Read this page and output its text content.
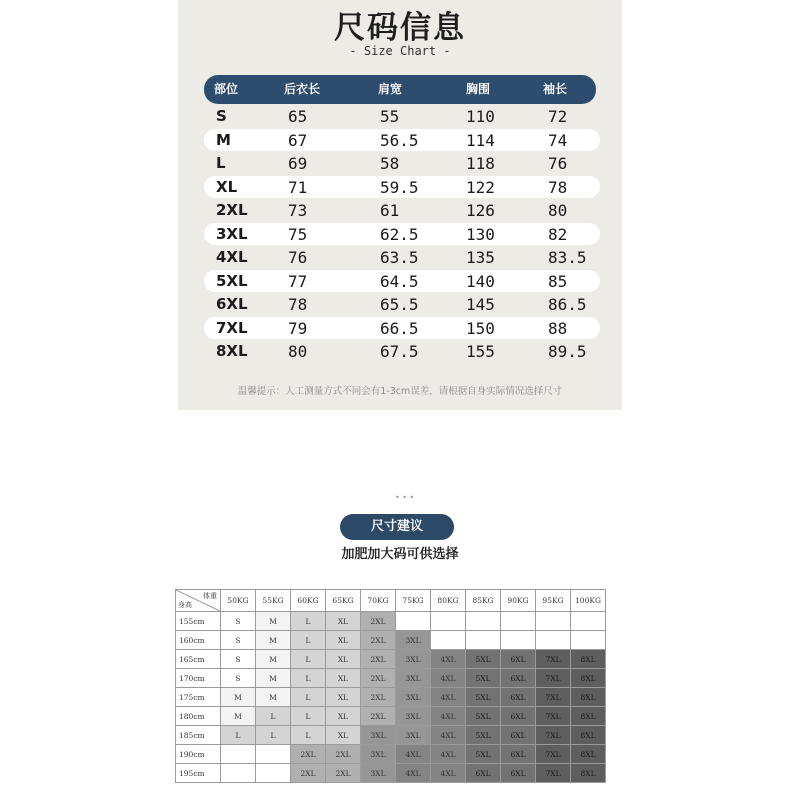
尺码信息
- Size Chart -
部位	后衣长	肩宽	胸围	袖长
S	65	55	110	72
M	67	56.5	114	74
L	69	58	118	76
XL	71	59.5	122	78
2XL	73	61	126	80
3XL	75	62.5	130	82
4XL	76	63.5	135	83.5
5XL	77	64.5	140	85
6XL	78	65.5	145	86.5
7XL	79	66.5	150	88
8XL	80	67.5	155	89.5
温馨提示：人工测量方式不同会有1-3cm误差，请根据自身实际情况选择尺寸
• • •
尺寸建议
加肥加大码可供选择
体重
身高	50KG	55KG	60KG	65KG	70KG	75KG	80KG	85KG	90KG	95KG	100KG
155cm	S	M	L	XL	2XL						
160cm	S	M	L	XL	2XL	3XL					
165cm	S	M	L	XL	2XL	3XL	4XL	5XL	6XL	7XL	8XL
170cm	S	M	L	XL	2XL	3XL	4XL	5XL	6XL	7XL	8XL
175cm	M	M	L	XL	2XL	3XL	4XL	5XL	6XL	7XL	8XL
180cm	M	L	L	XL	2XL	3XL	4XL	5XL	6XL	7XL	8XL
185cm	L	L	L	XL	3XL	3XL	4XL	5XL	6XL	7XL	8XL
190cm			2XL	2XL	3XL	4XL	4XL	5XL	6XL	7XL	8XL
195cm			2XL	2XL	3XL	4XL	4XL	6XL	6XL	7XL	8XL
